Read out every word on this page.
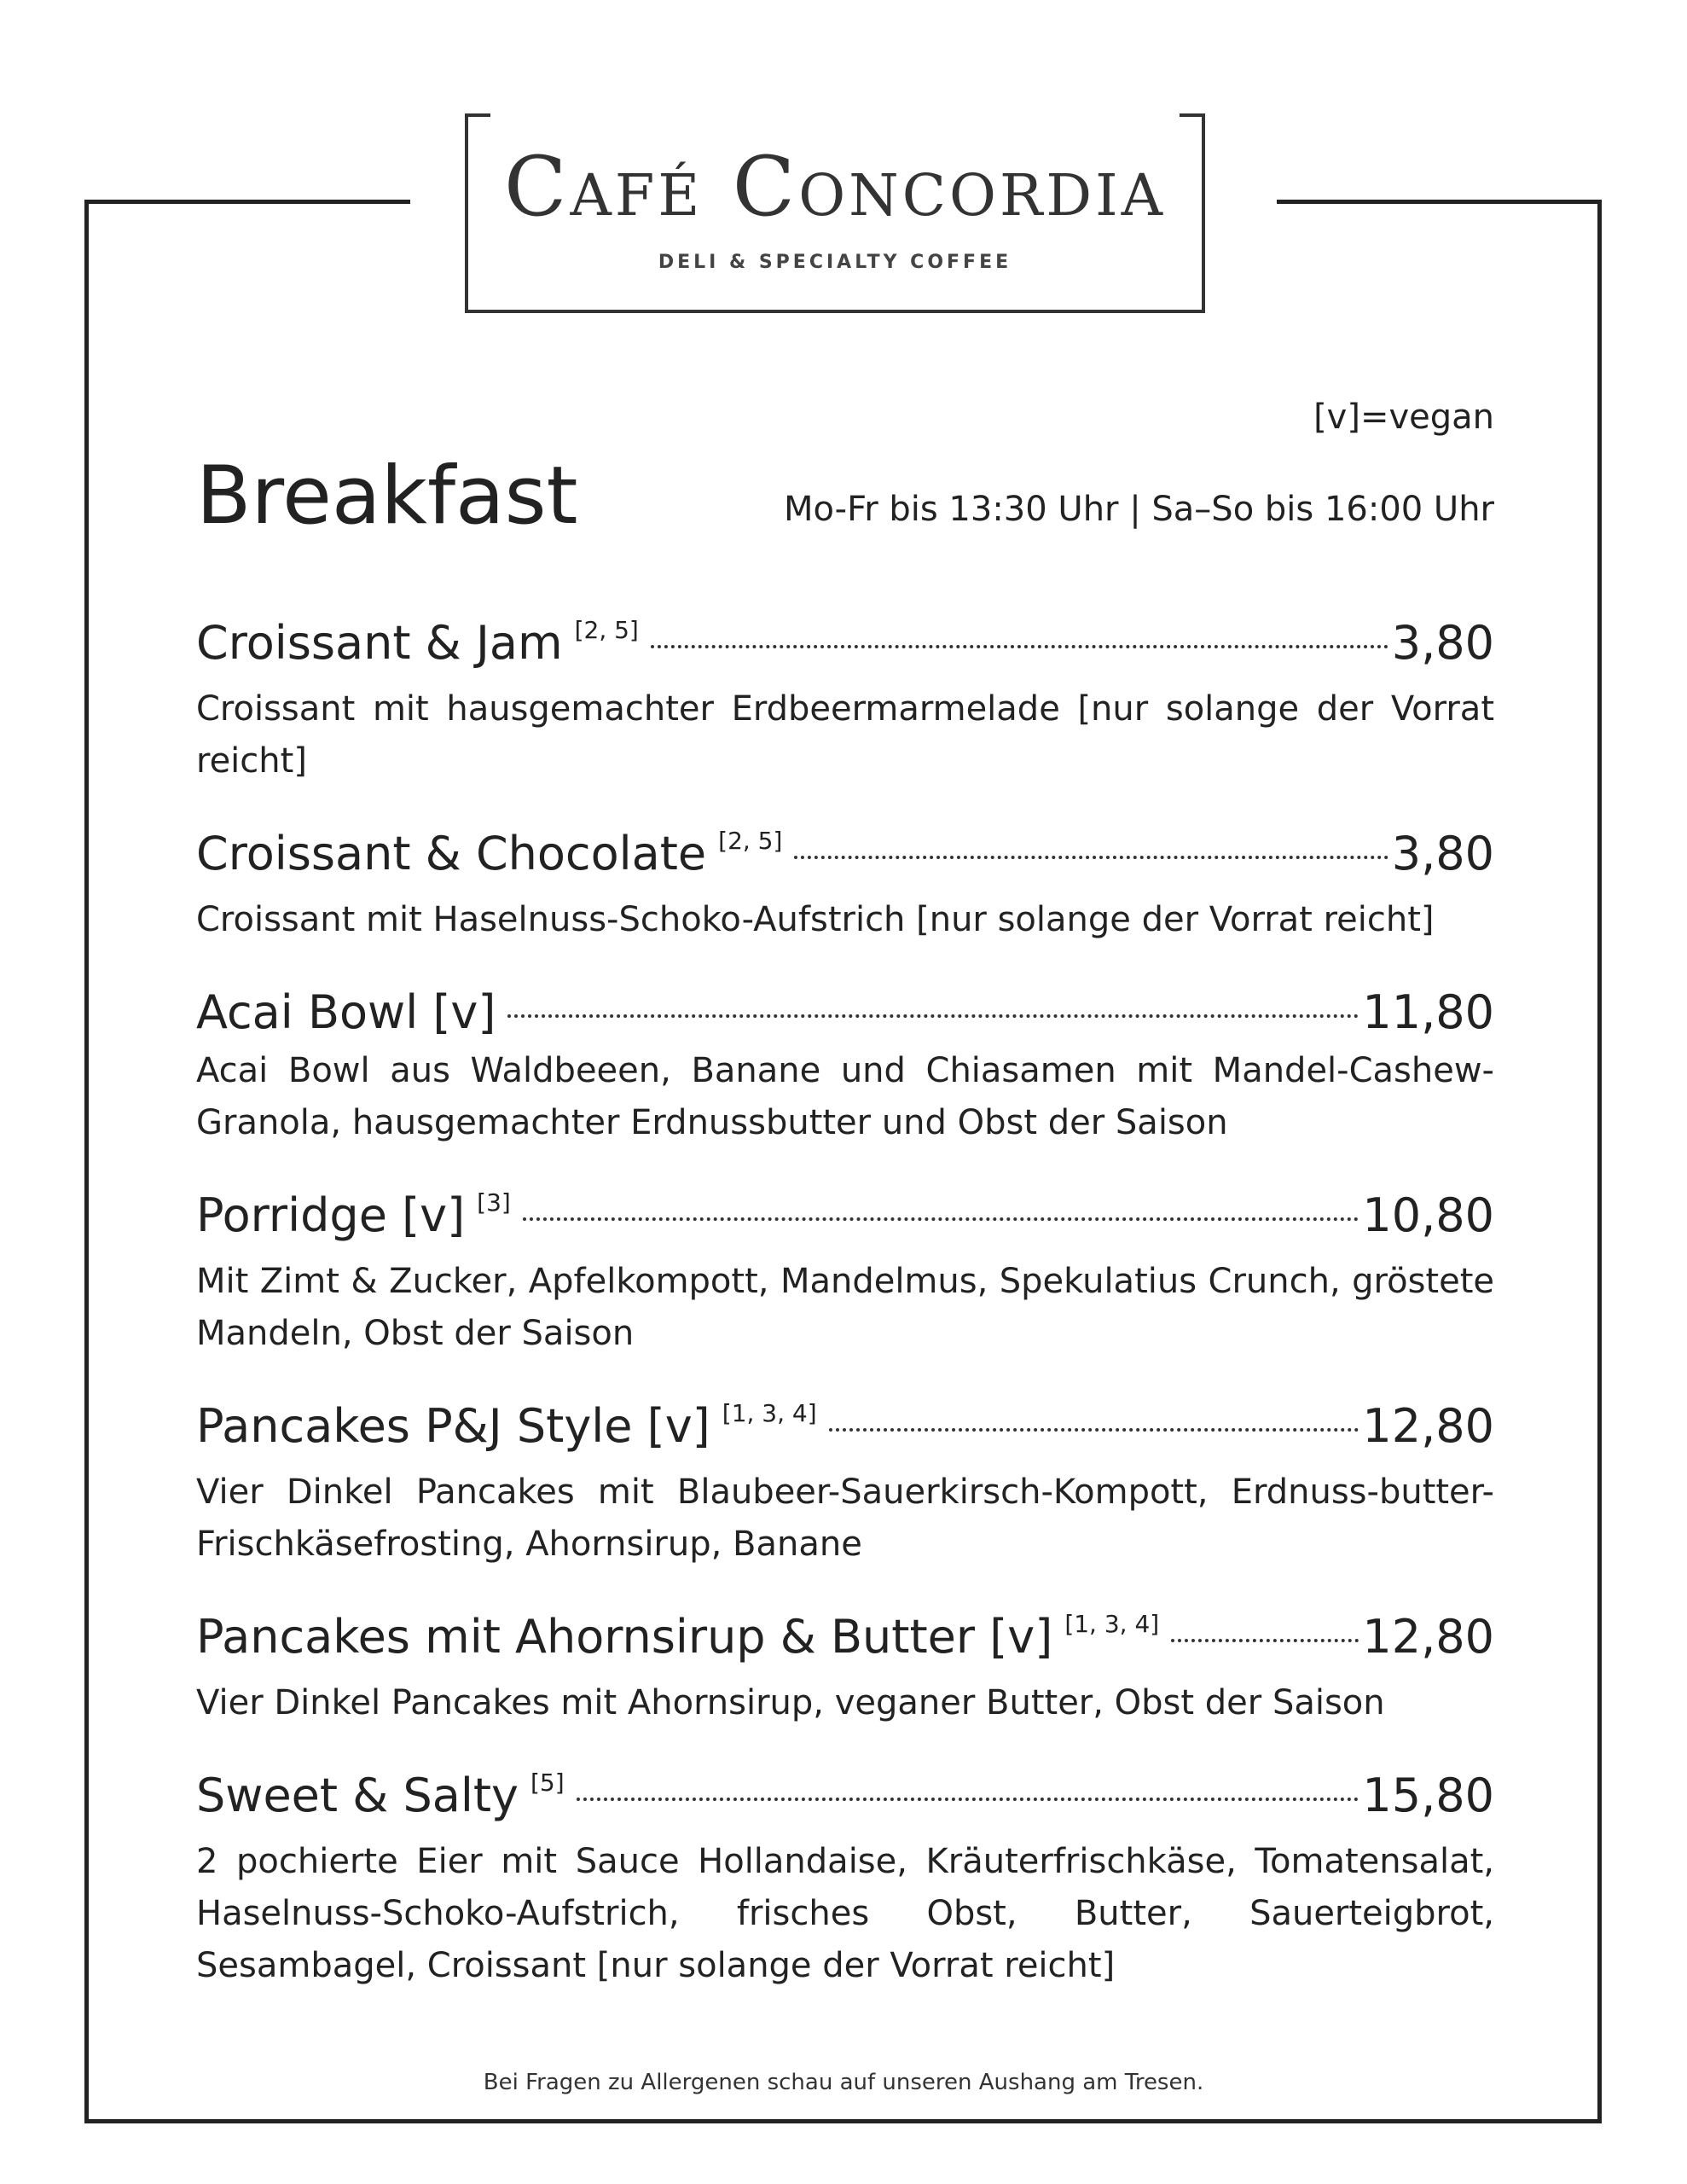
Café Concordia
DELI & SPECIALTY COFFEE
[v]=vegan
Breakfast	Mo-Fr bis 13:30 Uhr | Sa–So bis 16:00 Uhr
Croissant & Jam [2, 5]	3,80
Croissant mit hausgemachter Erdbeermarmelade [nur solange der Vorrat reicht]
Croissant & Chocolate [2, 5]	3,80
Croissant mit Haselnuss-Schoko-Aufstrich [nur solange der Vorrat reicht]
Acai Bowl [v]	11,80
Acai Bowl aus Waldbeeen, Banane und Chiasamen mit Mandel-Cashew-Granola, hausgemachter Erdnussbutter und Obst der Saison
Porridge [v] [3]	10,80
Mit Zimt & Zucker, Apfelkompott, Mandelmus, Spekulatius Crunch, gröstete Mandeln, Obst der Saison
Pancakes P&J Style [v] [1, 3, 4]	12,80
Vier Dinkel Pancakes mit Blaubeer-Sauerkirsch-Kompott, Erdnuss-butter-Frischkäsefrosting, Ahornsirup, Banane
Pancakes mit Ahornsirup & Butter [v] [1, 3, 4]	12,80
Vier Dinkel Pancakes mit Ahornsirup, veganer Butter, Obst der Saison
Sweet & Salty [5]	15,80
2 pochierte Eier mit Sauce Hollandaise, Kräuterfrischkäse, Tomatensalat, Haselnuss-Schoko-Aufstrich, frisches Obst, Butter, Sauerteigbrot, Sesambagel, Croissant [nur solange der Vorrat reicht]
Bei Fragen zu Allergenen schau auf unseren Aushang am Tresen.
